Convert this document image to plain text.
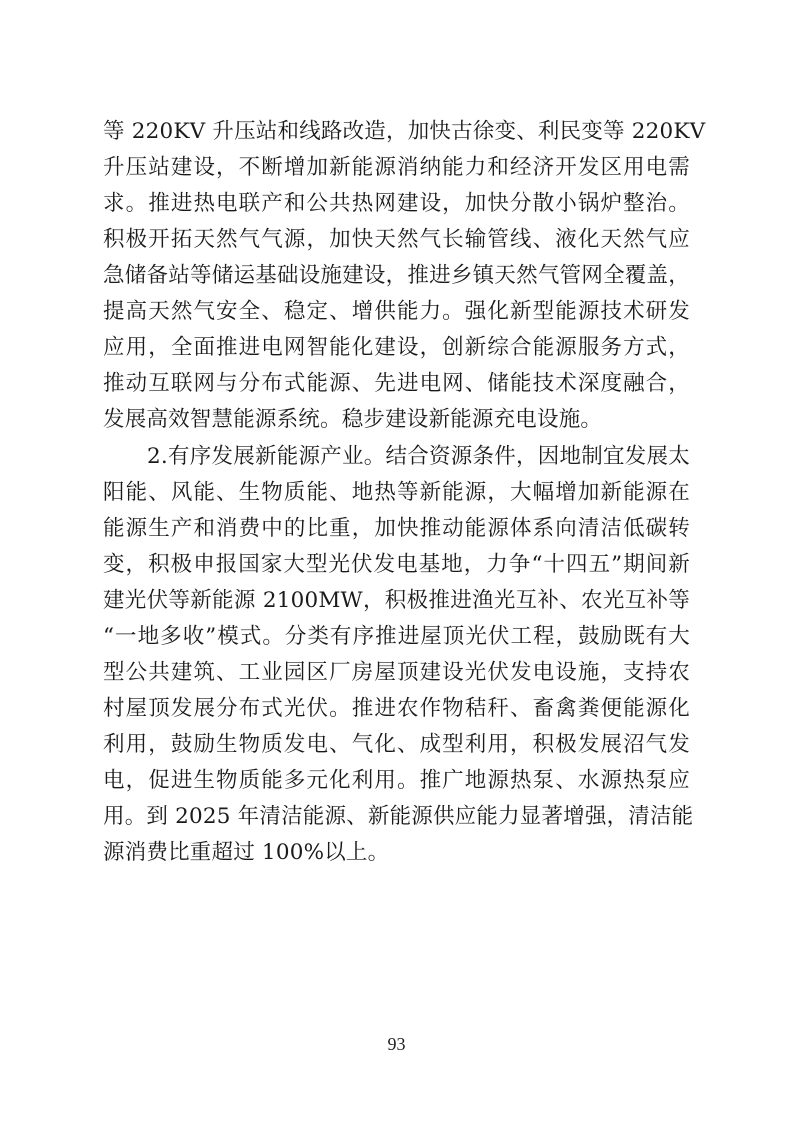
等 220KV 升压站和线路改造，加快古徐变、利民变等 220KV
升压站建设，不断增加新能源消纳能力和经济开发区用电需
求。推进热电联产和公共热网建设，加快分散小锅炉整治。
积极开拓天然气气源，加快天然气长输管线、液化天然气应
急储备站等储运基础设施建设，推进乡镇天然气管网全覆盖，
提高天然气安全、稳定、增供能力。强化新型能源技术研发
应用，全面推进电网智能化建设，创新综合能源服务方式，
推动互联网与分布式能源、先进电网、储能技术深度融合，
发展高效智慧能源系统。稳步建设新能源充电设施。
2.有序发展新能源产业。结合资源条件，因地制宜发展太
阳能、风能、生物质能、地热等新能源，大幅增加新能源在
能源生产和消费中的比重，加快推动能源体系向清洁低碳转
变，积极申报国家大型光伏发电基地，力争“十四五”期间新
建光伏等新能源 2100MW，积极推进渔光互补、农光互补等
“一地多收”模式。分类有序推进屋顶光伏工程，鼓励既有大
型公共建筑、工业园区厂房屋顶建设光伏发电设施，支持农
村屋顶发展分布式光伏。推进农作物秸秆、畜禽粪便能源化
利用，鼓励生物质发电、气化、成型利用，积极发展沼气发
电，促进生物质能多元化利用。推广地源热泵、水源热泵应
用。到 2025 年清洁能源、新能源供应能力显著增强，清洁能
源消费比重超过 100%以上。
93
